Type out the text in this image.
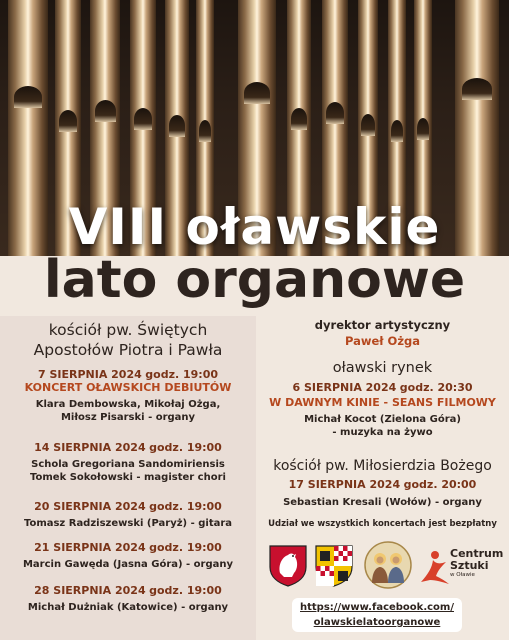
VIII oławskie
lato organowe
kościół pw. Świętych
Apostołów Piotra i Pawła
7 SIERPNIA 2024 godz. 19:00
KONCERT OŁAWSKICH DEBIUTÓW
Klara Dembowska, Mikołaj Ożga,
Miłosz Pisarski - organy
14 SIERPNIA 2024 godz. 19:00
Schola Gregoriana Sandomiriensis
Tomek Sokołowski - magister chori
20 SIERPNIA 2024 godz. 19:00
Tomasz Radziszewski (Paryż) - gitara
21 SIERPNIA 2024 godz. 19:00
Marcin Gawęda (Jasna Góra) - organy
28 SIERPNIA 2024 godz. 19:00
Michał Dużniak (Katowice) - organy
dyrektor artystyczny
Paweł Ożga
oławski rynek
6 SIERPNIA 2024 godz. 20:30
W DAWNYM KINIE - SEANS FILMOWY
Michał Kocot (Zielona Góra)
- muzyka na żywo
kościół pw. Miłosierdzia Bożego
17 SIERPNIA 2024 godz. 20:00
Sebastian Kresali (Wołów) - organy
Udział we wszystkich koncertach jest bezpłatny
Centrum
Sztuki
w Oławie
https://www.facebook.com/
olawskielatoorganowe
